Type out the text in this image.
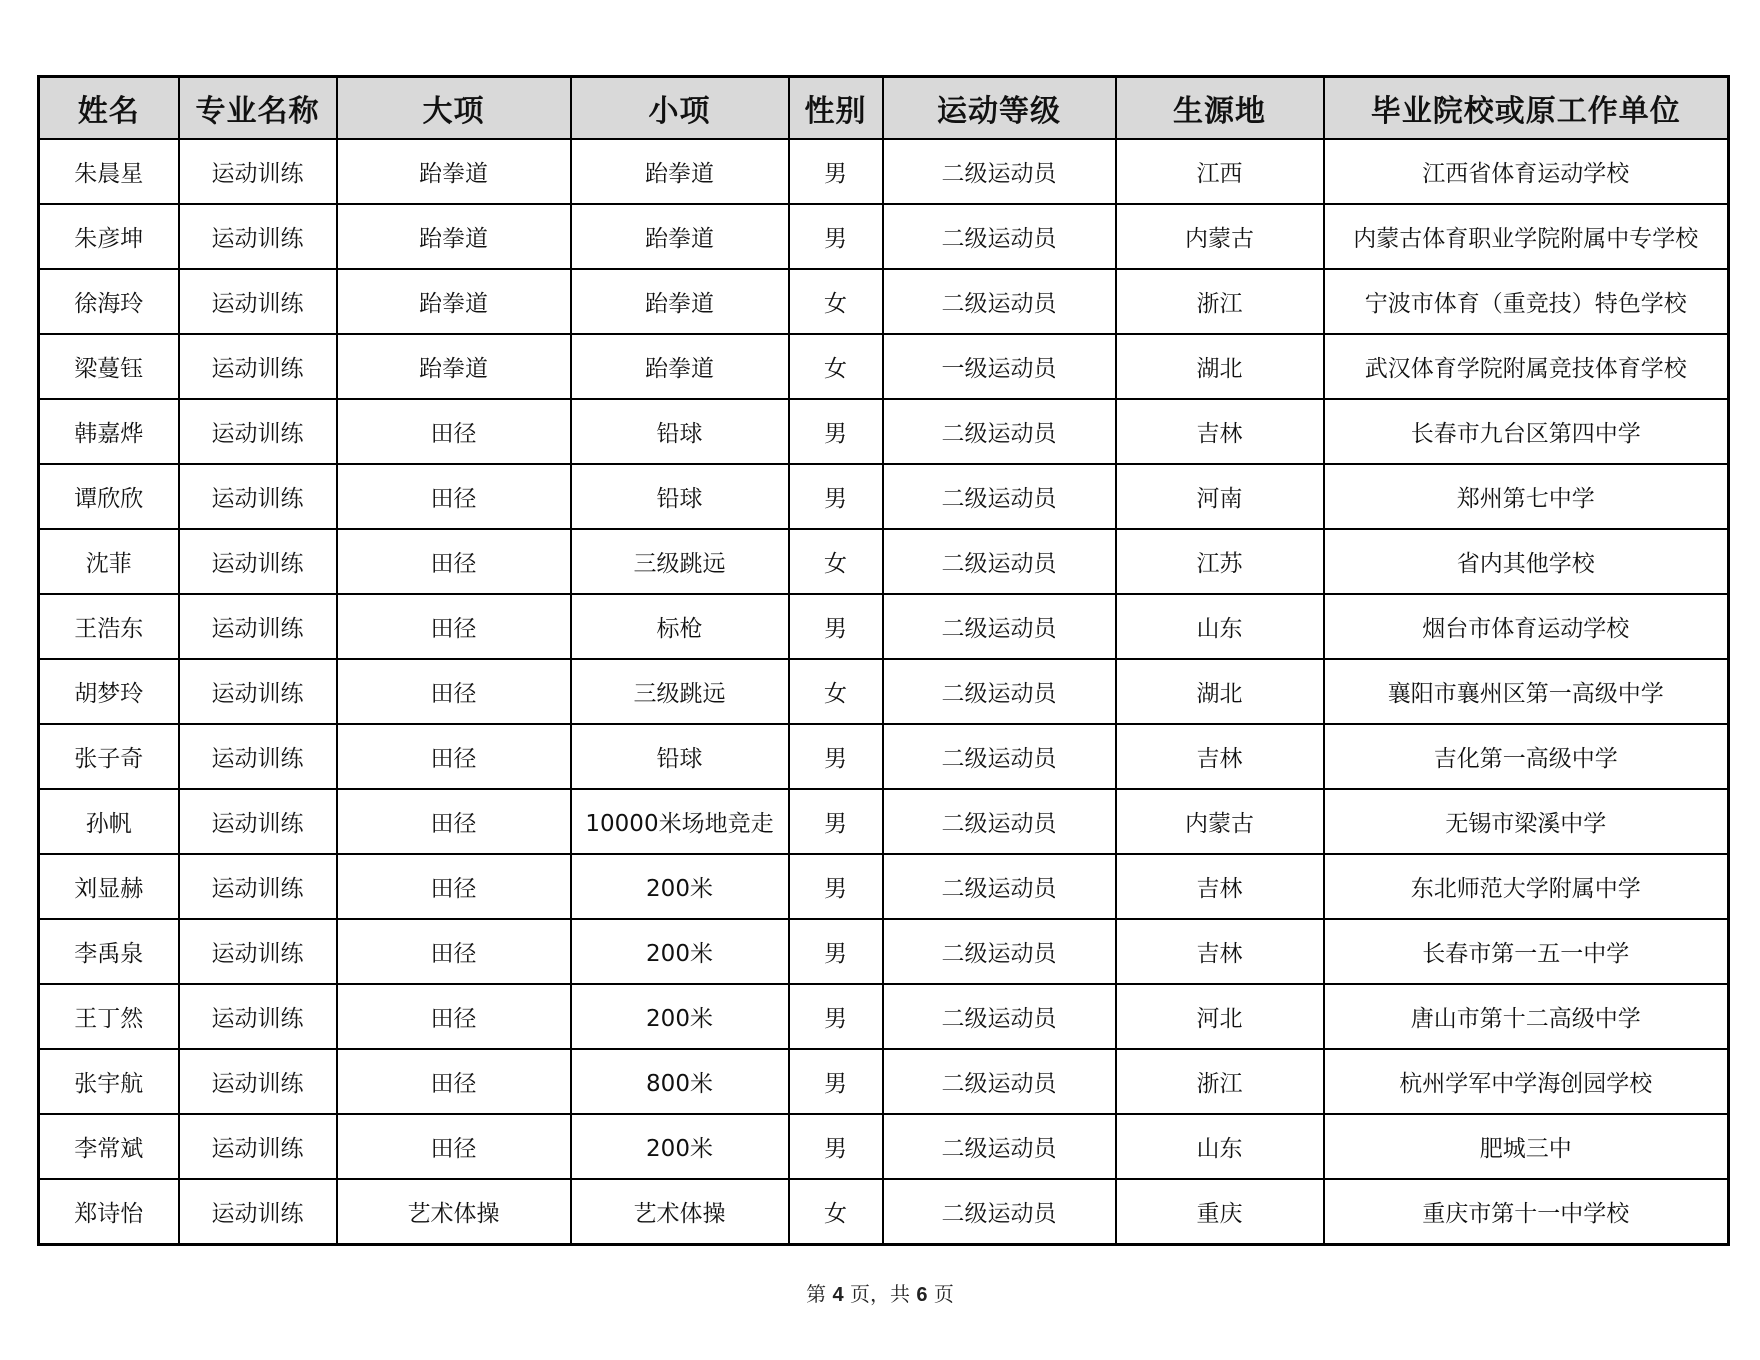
姓名	专业名称	大项	小项	性别	运动等级	生源地	毕业院校或原工作单位
朱晨星	运动训练	跆拳道	跆拳道	男	二级运动员	江西	江西省体育运动学校
朱彦坤	运动训练	跆拳道	跆拳道	男	二级运动员	内蒙古	内蒙古体育职业学院附属中专学校
徐海玲	运动训练	跆拳道	跆拳道	女	二级运动员	浙江	宁波市体育（重竞技）特色学校
梁蔓钰	运动训练	跆拳道	跆拳道	女	一级运动员	湖北	武汉体育学院附属竞技体育学校
韩嘉烨	运动训练	田径	铅球	男	二级运动员	吉林	长春市九台区第四中学
谭欣欣	运动训练	田径	铅球	男	二级运动员	河南	郑州第七中学
沈菲	运动训练	田径	三级跳远	女	二级运动员	江苏	省内其他学校
王浩东	运动训练	田径	标枪	男	二级运动员	山东	烟台市体育运动学校
胡梦玲	运动训练	田径	三级跳远	女	二级运动员	湖北	襄阳市襄州区第一高级中学
张子奇	运动训练	田径	铅球	男	二级运动员	吉林	吉化第一高级中学
孙帆	运动训练	田径	10000米场地竞走	男	二级运动员	内蒙古	无锡市梁溪中学
刘显赫	运动训练	田径	200米	男	二级运动员	吉林	东北师范大学附属中学
李禹泉	运动训练	田径	200米	男	二级运动员	吉林	长春市第一五一中学
王丁然	运动训练	田径	200米	男	二级运动员	河北	唐山市第十二高级中学
张宇航	运动训练	田径	800米	男	二级运动员	浙江	杭州学军中学海创园学校
李常斌	运动训练	田径	200米	男	二级运动员	山东	肥城三中
郑诗怡	运动训练	艺术体操	艺术体操	女	二级运动员	重庆	重庆市第十一中学校
第 4 页，共 6 页
